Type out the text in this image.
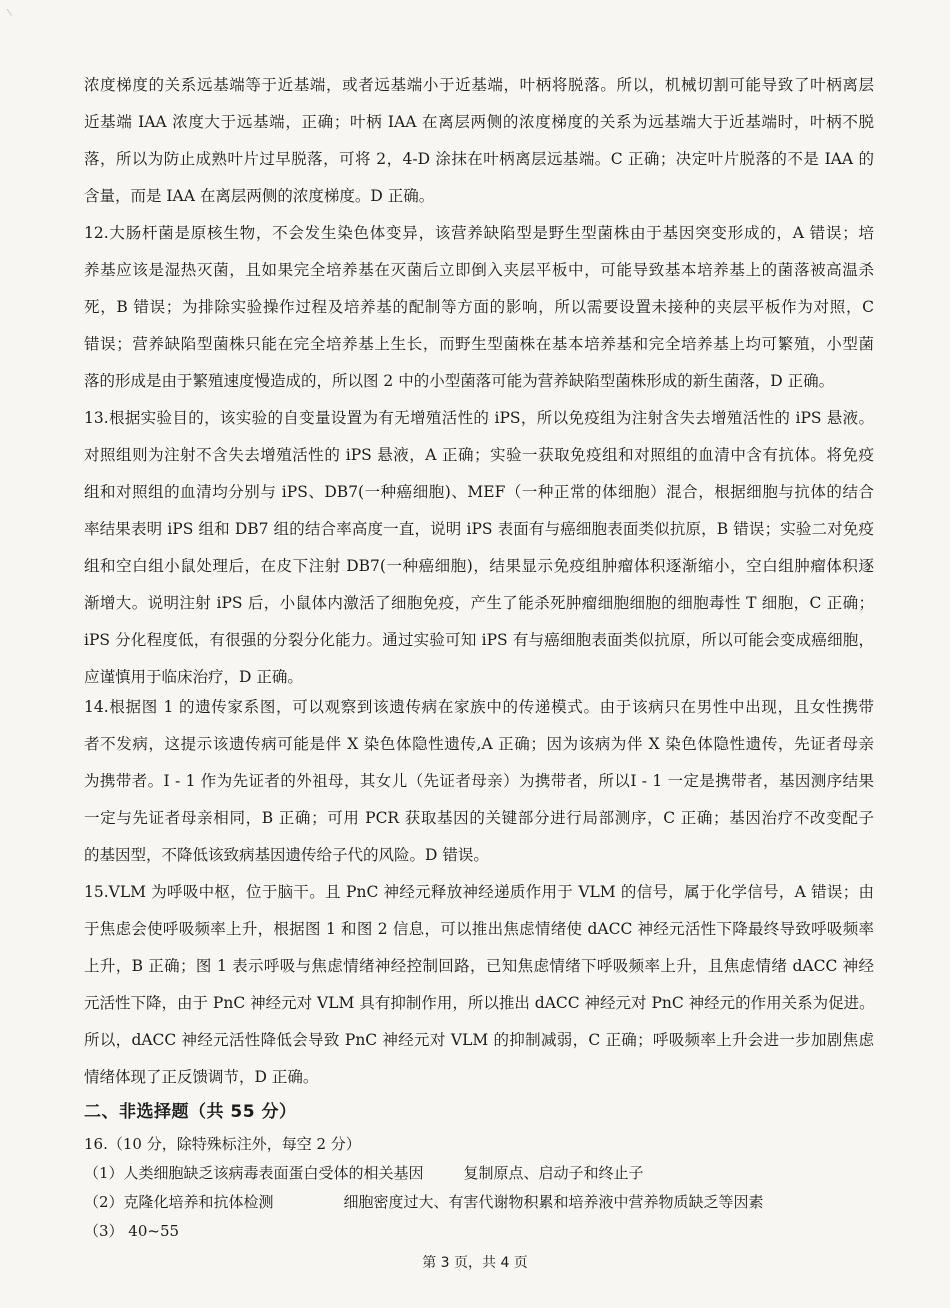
浓度梯度的关系远基端等于近基端，或者远基端小于近基端，叶柄将脱落。所以，机械切割可能导致了叶柄离层
近基端 IAA 浓度大于远基端，正确；叶柄 IAA 在离层两侧的浓度梯度的关系为远基端大于近基端时，叶柄不脱
落，所以为防止成熟叶片过早脱落，可将 2，4-D 涂抹在叶柄离层远基端。C 正确；决定叶片脱落的不是 IAA 的
含量，而是 IAA 在离层两侧的浓度梯度。D 正确。

12.大肠杆菌是原核生物，不会发生染色体变异，该营养缺陷型是野生型菌株由于基因突变形成的，A 错误；培
养基应该是湿热灭菌，且如果完全培养基在灭菌后立即倒入夹层平板中，可能导致基本培养基上的菌落被高温杀
死，B 错误；为排除实验操作过程及培养基的配制等方面的影响，所以需要设置未接种的夹层平板作为对照，C
错误；营养缺陷型菌株只能在完全培养基上生长，而野生型菌株在基本培养基和完全培养基上均可繁殖，小型菌
落的形成是由于繁殖速度慢造成的，所以图 2 中的小型菌落可能为营养缺陷型菌株形成的新生菌落，D 正确。

13.根据实验目的，该实验的自变量设置为有无增殖活性的 iPS，所以免疫组为注射含失去增殖活性的 iPS 悬液。
对照组则为注射不含失去增殖活性的 iPS 悬液，A 正确；实验一获取免疫组和对照组的血清中含有抗体。将免疫
组和对照组的血清均分别与 iPS、DB7(一种癌细胞)、MEF（一种正常的体细胞）混合，根据细胞与抗体的结合
率结果表明 iPS 组和 DB7 组的结合率高度一直，说明 iPS 表面有与癌细胞表面类似抗原，B 错误；实验二对免疫
组和空白组小鼠处理后，在皮下注射 DB7(一种癌细胞)，结果显示免疫组肿瘤体积逐渐缩小，空白组肿瘤体积逐
渐增大。说明注射 iPS 后，小鼠体内激活了细胞免疫，产生了能杀死肿瘤细胞细胞的细胞毒性 T 细胞，C 正确；
iPS 分化程度低，有很强的分裂分化能力。通过实验可知 iPS 有与癌细胞表面类似抗原，所以可能会变成癌细胞，
应谨慎用于临床治疗，D 正确。

14.根据图 1 的遗传家系图，可以观察到该遗传病在家族中的传递模式。由于该病只在男性中出现，且女性携带
者不发病，这提示该遗传病可能是伴 X 染色体隐性遗传,A 正确；因为该病为伴 X 染色体隐性遗传，先证者母亲
为携带者。I - 1 作为先证者的外祖母，其女儿（先证者母亲）为携带者，所以I - 1 一定是携带者，基因测序结果
一定与先证者母亲相同，B 正确；可用 PCR 获取基因的关键部分进行局部测序，C 正确；基因治疗不改变配子
的基因型，不降低该致病基因遗传给子代的风险。D 错误。

15.VLM 为呼吸中枢，位于脑干。且 PnC 神经元释放神经递质作用于 VLM 的信号，属于化学信号，A 错误；由
于焦虑会使呼吸频率上升，根据图 1 和图 2 信息，可以推出焦虑情绪使 dACC 神经元活性下降最终导致呼吸频率
上升，B 正确；图 1 表示呼吸与焦虑情绪神经控制回路，已知焦虑情绪下呼吸频率上升，且焦虑情绪 dACC 神经
元活性下降，由于 PnC 神经元对 VLM 具有抑制作用，所以推出 dACC 神经元对 PnC 神经元的作用关系为促进。
所以，dACC 神经元活性降低会导致 PnC 神经元对 VLM 的抑制减弱，C 正确；呼吸频率上升会进一步加剧焦虑
情绪体现了正反馈调节，D 正确。

二、非选择题（共 55 分）
16.（10 分，除特殊标注外，每空 2 分）
（1）人类细胞缺乏该病毒表面蛋白受体的相关基因	复制原点、启动子和终止子
（2）克隆化培养和抗体检测	细胞密度过大、有害代谢物积累和培养液中营养物质缺乏等因素
（3） 40~55
第 3 页，共 4 页
